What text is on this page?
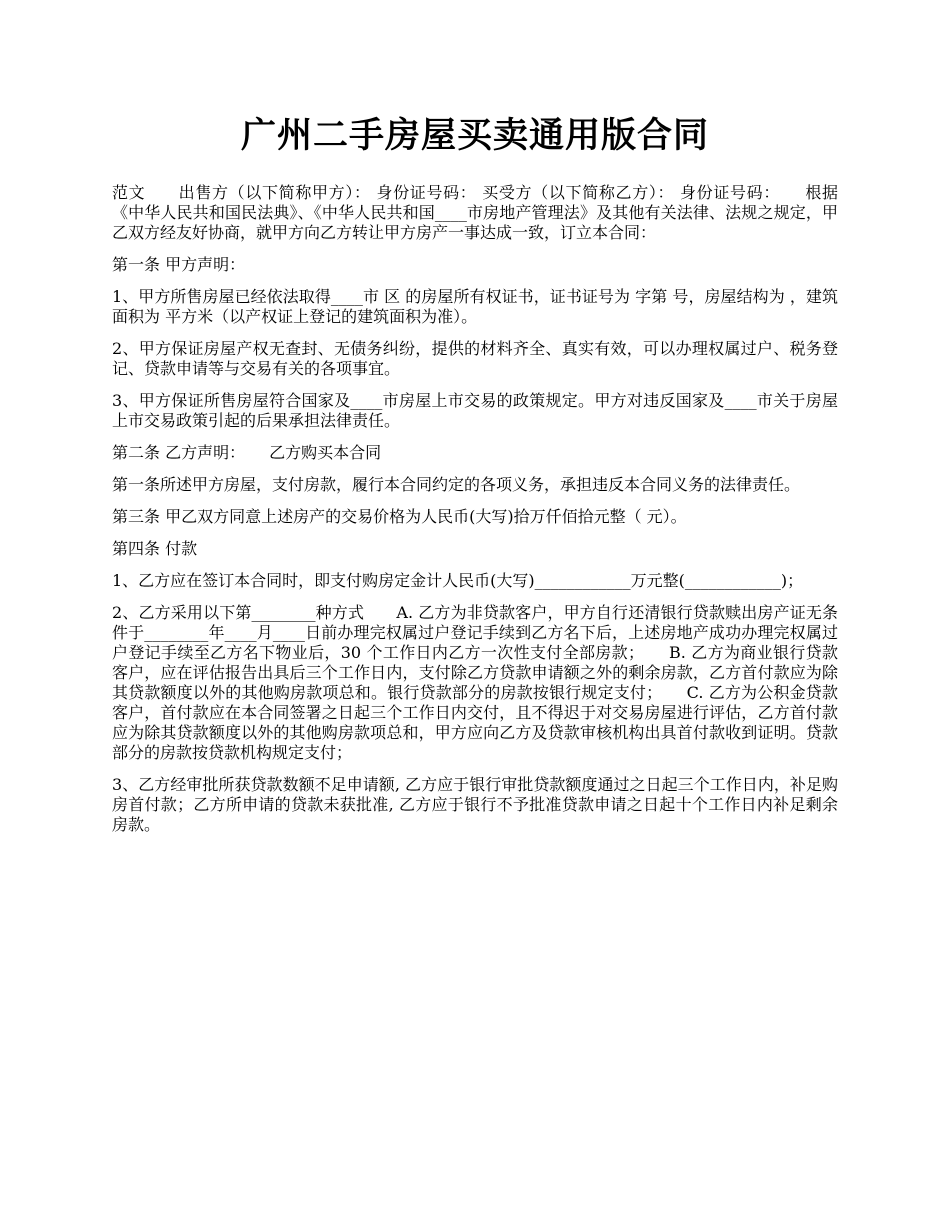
广州二手房屋买卖通用版合同

范文　　出售方（以下简称甲方）： 身份证号码： 买受方（以下简称乙方）： 身份证号码：　　根据《中华人民共和国民法典》、《中华人民共和国____市房地产管理法》及其他有关法律、法规之规定，甲乙双方经友好协商，就甲方向乙方转让甲方房产一事达成一致，订立本合同：

第一条 甲方声明：

1、甲方所售房屋已经依法取得____市 区 的房屋所有权证书，证书证号为 字第 号，房屋结构为 ，建筑面积为 平方米（以产权证上登记的建筑面积为准）。

2、甲方保证房屋产权无查封、无债务纠纷，提供的材料齐全、真实有效，可以办理权属过户、税务登记、贷款申请等与交易有关的各项事宜。

3、甲方保证所售房屋符合国家及____市房屋上市交易的政策规定。甲方对违反国家及____市关于房屋上市交易政策引起的后果承担法律责任。

第二条 乙方声明：　　乙方购买本合同

第一条所述甲方房屋，支付房款，履行本合同约定的各项义务，承担违反本合同义务的法律责任。

第三条 甲乙双方同意上述房产的交易价格为人民币(大写)拾万仟佰拾元整（ 元）。

第四条 付款

1、乙方应在签订本合同时，即支付购房定金计人民币(大写)____________万元整(____________)；

2、乙方采用以下第________种方式　　A. 乙方为非贷款客户，甲方自行还清银行贷款赎出房产证无条件于________年____月____日前办理完权属过户登记手续到乙方名下后，上述房地产成功办理完权属过户登记手续至乙方名下物业后，30 个工作日内乙方一次性支付全部房款；　　B. 乙方为商业银行贷款客户，应在评估报告出具后三个工作日内，支付除乙方贷款申请额之外的剩余房款，乙方首付款应为除其贷款额度以外的其他购房款项总和。银行贷款部分的房款按银行规定支付；　　C. 乙方为公积金贷款客户，首付款应在本合同签署之日起三个工作日内交付，且不得迟于对交易房屋进行评估，乙方首付款应为除其贷款额度以外的其他购房款项总和，甲方应向乙方及贷款审核机构出具首付款收到证明。贷款部分的房款按贷款机构规定支付；

3、乙方经审批所获贷款数额不足申请额, 乙方应于银行审批贷款额度通过之日起三个工作日内，补足购房首付款；乙方所申请的贷款未获批准, 乙方应于银行不予批准贷款申请之日起十个工作日内补足剩余房款。
